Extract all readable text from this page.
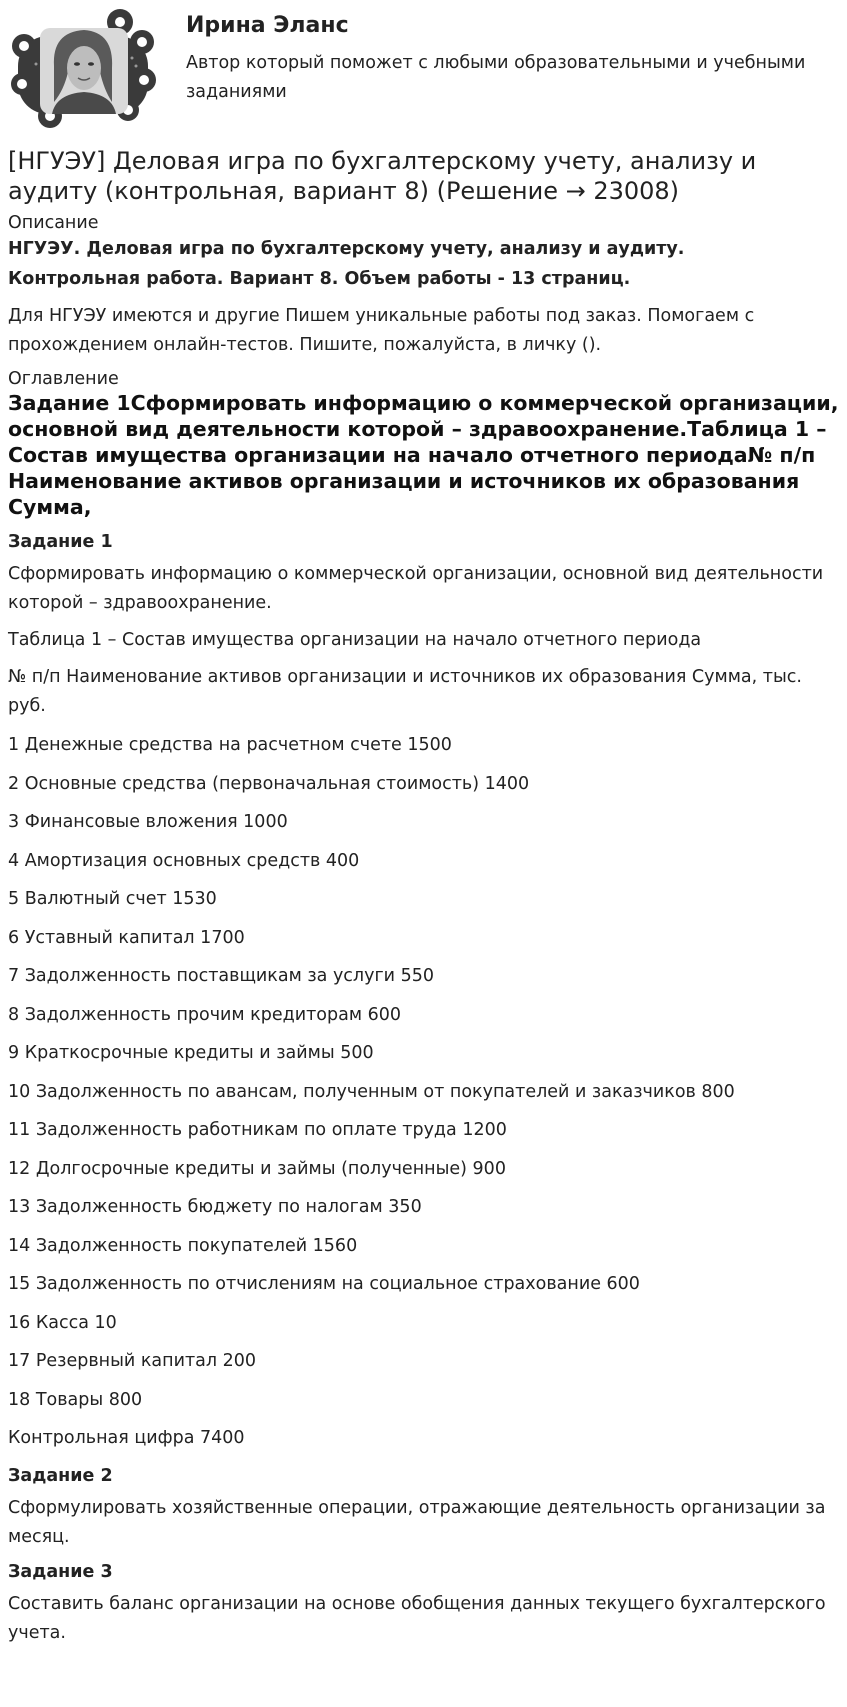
Ирина Эланс
Автор который поможет с любыми образовательными и учебными заданиями
[НГУЭУ] Деловая игра по бухгалтерскому учету, анализу и аудиту (контрольная, вариант 8) (Решение → 23008)
Описание
НГУЭУ. Деловая игра по бухгалтерскому учету, анализу и аудиту.
Контрольная работа. Вариант 8. Объем работы - 13 страниц.

Для НГУЭУ имеются и другие Пишем уникальные работы под заказ. Помогаем с прохождением онлайн-тестов. Пишите, пожалуйста, в личку ().

Оглавление
Задание 1Сформировать информацию о коммерческой организации, основной вид деятельности которой – здравоохранение.Таблица 1 – Состав имущества организации на начало отчетного периода№ п/п Наименование активов организации и источников их образования Сумма,
Задание 1

Сформировать информацию о коммерческой организации, основной вид деятельности которой – здравоохранение.

Таблица 1 – Состав имущества организации на начало отчетного периода

№ п/п Наименование активов организации и источников их образования Сумма, тыс. руб.

1 Денежные средства на расчетном счете 1500
2 Основные средства (первоначальная стоимость) 1400
3 Финансовые вложения 1000
4 Амортизация основных средств 400
5 Валютный счет 1530
6 Уставный капитал 1700
7 Задолженность поставщикам за услуги 550
8 Задолженность прочим кредиторам 600
9 Краткосрочные кредиты и займы 500
10 Задолженность по авансам, полученным от покупателей и заказчиков 800
11 Задолженность работникам по оплате труда 1200
12 Долгосрочные кредиты и займы (полученные) 900
13 Задолженность бюджету по налогам 350
14 Задолженность покупателей 1560
15 Задолженность по отчислениям на социальное страхование 600
16 Касса 10
17 Резервный капитал 200
18 Товары 800
Контрольная цифра 7400
Задание 2

Сформулировать хозяйственные операции, отражающие деятельность организации за месяц.

Задание 3

Составить баланс организации на основе обобщения данных текущего бухгалтерского учета.
